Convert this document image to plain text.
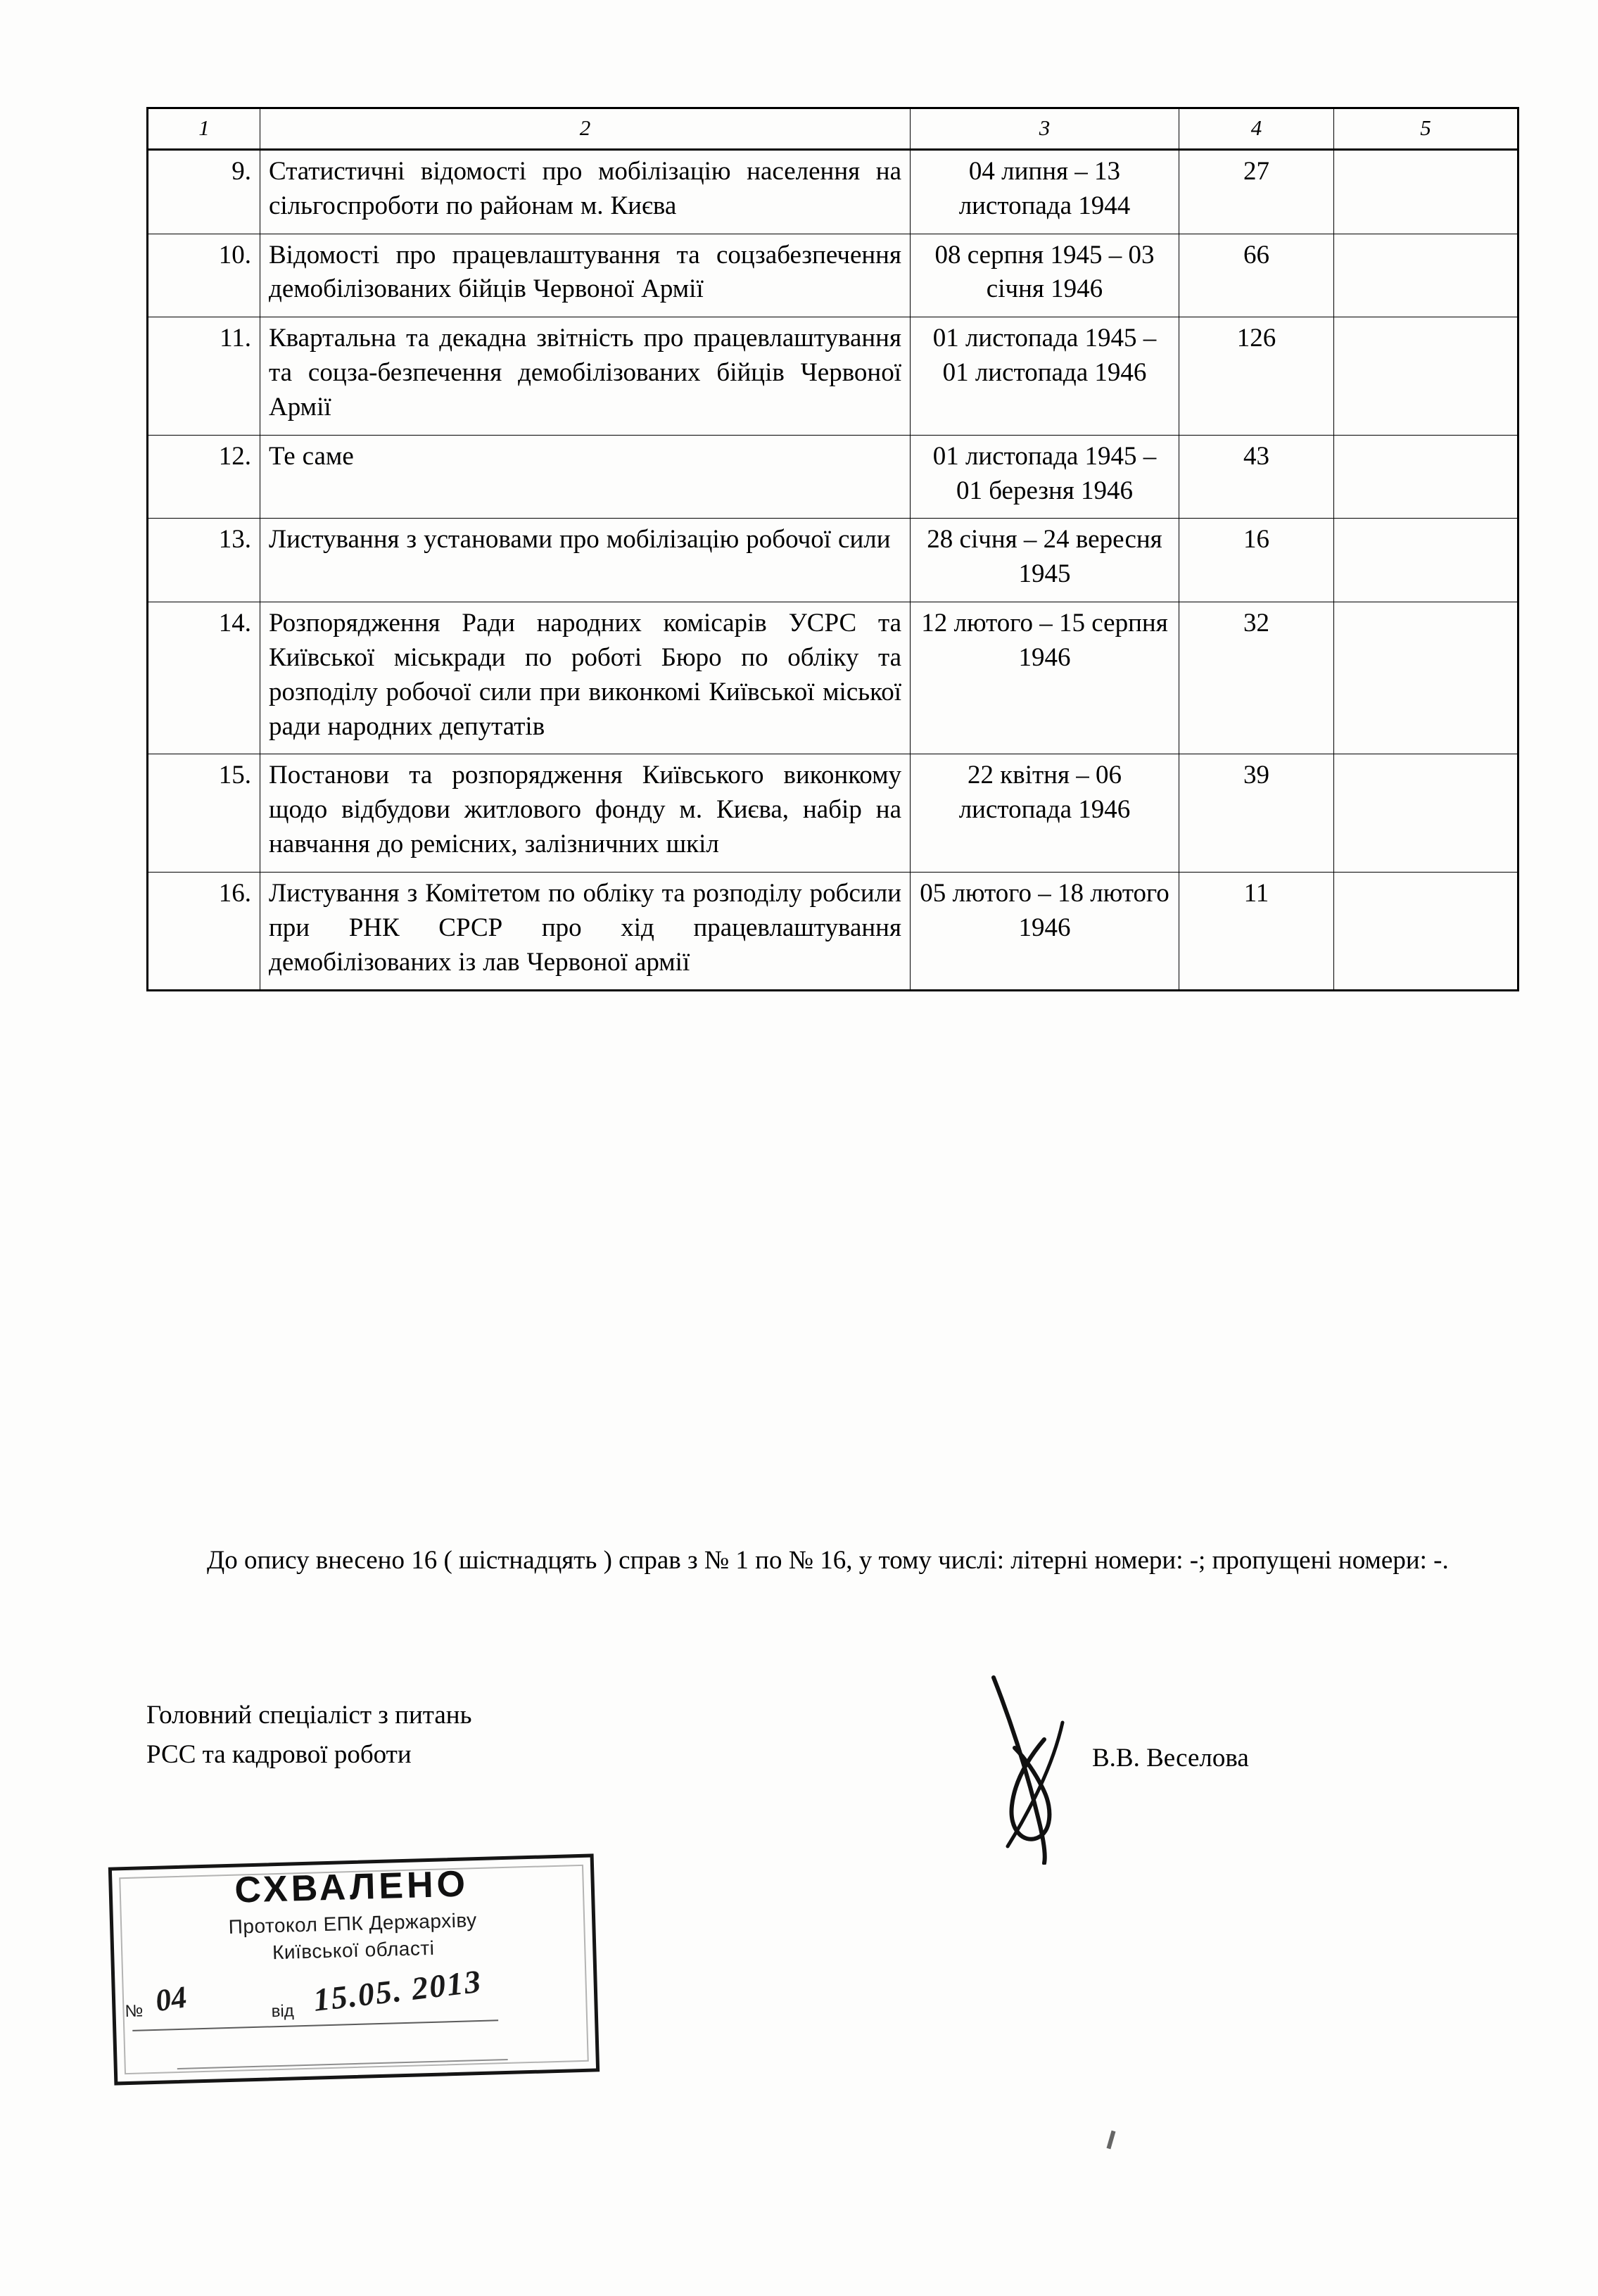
1	2	3	4	5
9.	Статистичні відомості про мобілізацію населення на сільгоспроботи по районам м. Києва	04 липня – 13 листопада 1944	27	
10.	Відомості про працевлаштування та соцзабезпечення демобілізованих бійців Червоної Армії	08 серпня 1945 – 03 січня 1946	66	
11.	Квартальна та декадна звітність про працевлаштування та соцза-безпечення демобілізованих бійців Червоної Армії	01 листопада 1945 – 01 листопада 1946	126	
12.	Те саме	01 листопада 1945 – 01 березня 1946	43	
13.	Листування з установами про мобілізацію робочої сили	28 січня – 24 вересня 1945	16	
14.	Розпорядження Ради народних комісарів УСРС та Київської міськради по роботі Бюро по обліку та розподілу робочої сили при виконкомі Київської міської ради народних депутатів	12 лютого – 15 серпня 1946	32	
15.	Постанови та розпорядження Київського виконкому щодо відбудови житлового фонду м. Києва, набір на навчання до ремісних, залізничних шкіл	22 квітня – 06 листопада 1946	39	
16.	Листування з Комітетом по обліку та розподілу робсили при РНК СРСР про хід працевлаштування демобілізованих із лав Червоної армії	05 лютого – 18 лютого 1946	11	
До опису внесено 16 ( шістнадцять ) справ з № 1 по № 16, у тому числі: літерні номери: -; пропущені номери: -.
Головний спеціаліст з питань
РСС та кадрової роботи	В.В. Веселова
СХВАЛЕНО
Протокол ЕПК Держархіву
Київської області
№ 04	від 15.05. 2013
